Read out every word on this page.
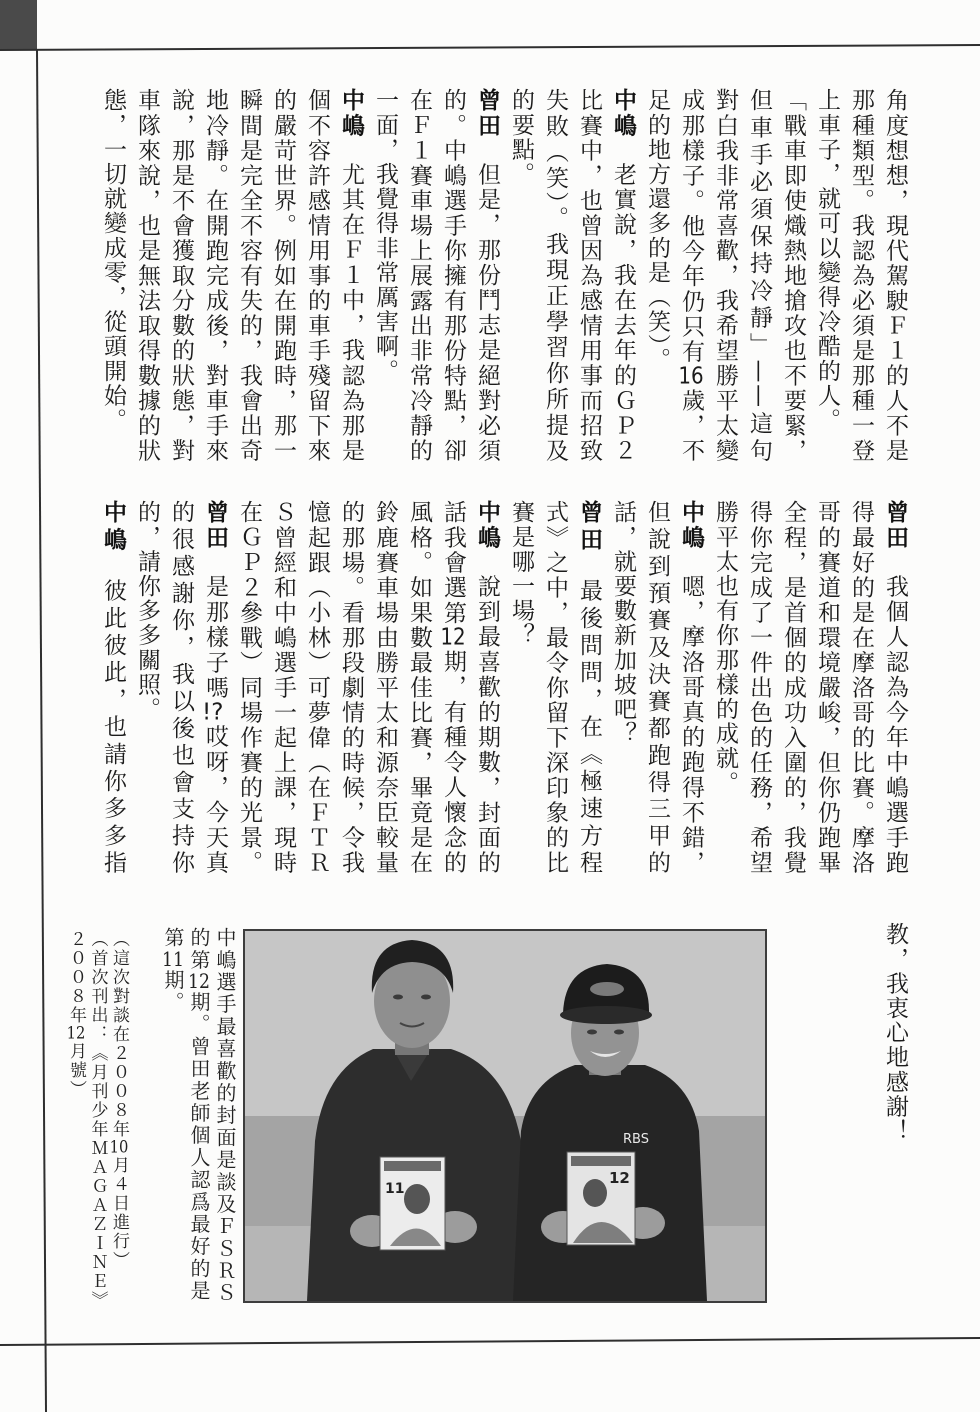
角度想想，現代駕駛Ｆ１的人不是
那種類型。我認為必須是那種一登
上車子，就可以變得冷酷的人。
「戰車即使熾熱地搶攻也不要緊，
但車手必須保持冷靜」——這句
對白我非常喜歡，我希望勝平太變
成那樣子。他今年仍只有16歲，不
足的地方還多的是（笑）。
中嶋老實說，我在去年的ＧＰ２
比賽中，也曾因為感情用事而招致
失敗（笑）。我現正學習你所提及
的要點。
曾田但是，那份鬥志是絕對必須
的。中嶋選手你擁有那份特點，卻
在Ｆ１賽車場上展露出非常冷靜的
一面，我覺得非常厲害啊。
中嶋尤其在Ｆ１中，我認為那是
個不容許感情用事的車手殘留下來
的嚴苛世界。例如在開跑時，那一
瞬間是完全不容有失的，我會出奇
地冷靜。在開跑完成後，對車手來
說，那是不會獲取分數的狀態，對
車隊來說，也是無法取得數據的狀
態，一切就變成零，從頭開始。
曾田我個人認為今年中嶋選手跑
得最好的是在摩洛哥的比賽。摩洛
哥的賽道和環境嚴峻，但你仍跑畢
全程，是首個的成功入圍的，我覺
得你完成了一件出色的任務，希望
勝平太也有你那樣的成就。
中嶋嗯，摩洛哥真的跑得不錯，
但說到預賽及決賽都跑得三甲的
話，就要數新加坡吧？
曾田最後問問，在《極速方程
式》之中，最令你留下深印象的比
賽是哪一場？
中嶋說到最喜歡的期數，封面的
話我會選第12期，有種令人懷念的
風格。如果數最佳比賽，畢竟是在
鈴鹿賽車場由勝平太和源奈臣較量
的那場。看那段劇情的時候，令我
憶起跟（小林）可夢偉（在ＦＴＲ
Ｓ曾經和中嶋選手一起上課，現時
在ＧＰ２參戰）同場作賽的光景。
曾田是那樣子嗎!?哎呀，今天真
的很感謝你，我以後也會支持你
的，請你多多關照。
中嶋彼此彼此，也請你多多指
教，我衷心地感謝！
11
RBS
12
中嶋選手最喜歡的封面是談及ＦＳＲＳ
的第12期。曾田老師個人認爲最好的是
第11期。
（這次對談在２００８年10月４日進行）
（首次刊出：《月刊少年ＭＡＧＡＺＩＮＥ》
２００８年12月號）
